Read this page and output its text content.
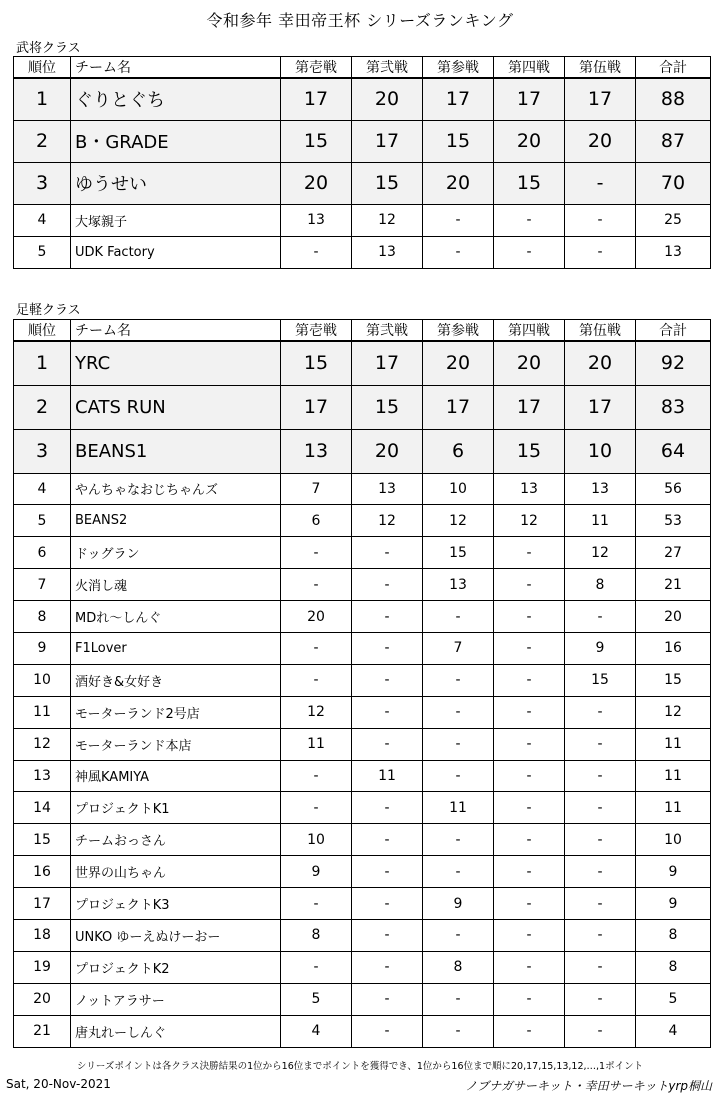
令和参年 幸田帝王杯 シリーズランキング
武将クラス
順位	チーム名	第壱戦	第弐戦	第参戦	第四戦	第伍戦	合計
1	ぐりとぐち	17	20	17	17	17	88
2	B・GRADE	15	17	15	20	20	87
3	ゆうせい	20	15	20	15	-	70
4	大塚親子	13	12	-	-	-	25
5	UDK Factory	-	13	-	-	-	13
足軽クラス
順位	チーム名	第壱戦	第弐戦	第参戦	第四戦	第伍戦	合計
1	YRC	15	17	20	20	20	92
2	CATS RUN	17	15	17	17	17	83
3	BEANS1	13	20	6	15	10	64
4	やんちゃなおじちゃんズ	7	13	10	13	13	56
5	BEANS2	6	12	12	12	11	53
6	ドッグラン	-	-	15	-	12	27
7	火消し魂	-	-	13	-	8	21
8	MDれ～しんぐ	20	-	-	-	-	20
9	F1Lover	-	-	7	-	9	16
10	酒好き&女好き	-	-	-	-	15	15
11	モーターランド2号店	12	-	-	-	-	12
12	モーターランド本店	11	-	-	-	-	11
13	神風KAMIYA	-	11	-	-	-	11
14	プロジェクトK1	-	-	11	-	-	11
15	チームおっさん	10	-	-	-	-	10
16	世界の山ちゃん	9	-	-	-	-	9
17	プロジェクトK3	-	-	9	-	-	9
18	UNKO ゆーえぬけーおー	8	-	-	-	-	8
19	プロジェクトK2	-	-	8	-	-	8
20	ノットアラサー	5	-	-	-	-	5
21	唐丸れーしんぐ	4	-	-	-	-	4
シリーズポイントは各クラス決勝結果の1位から16位までポイントを獲得でき、1位から16位まで順に20,17,15,13,12,…,1ポイント
Sat, 20-Nov-2021	ノブナガサーキット・幸田サーキットyrp桐山
